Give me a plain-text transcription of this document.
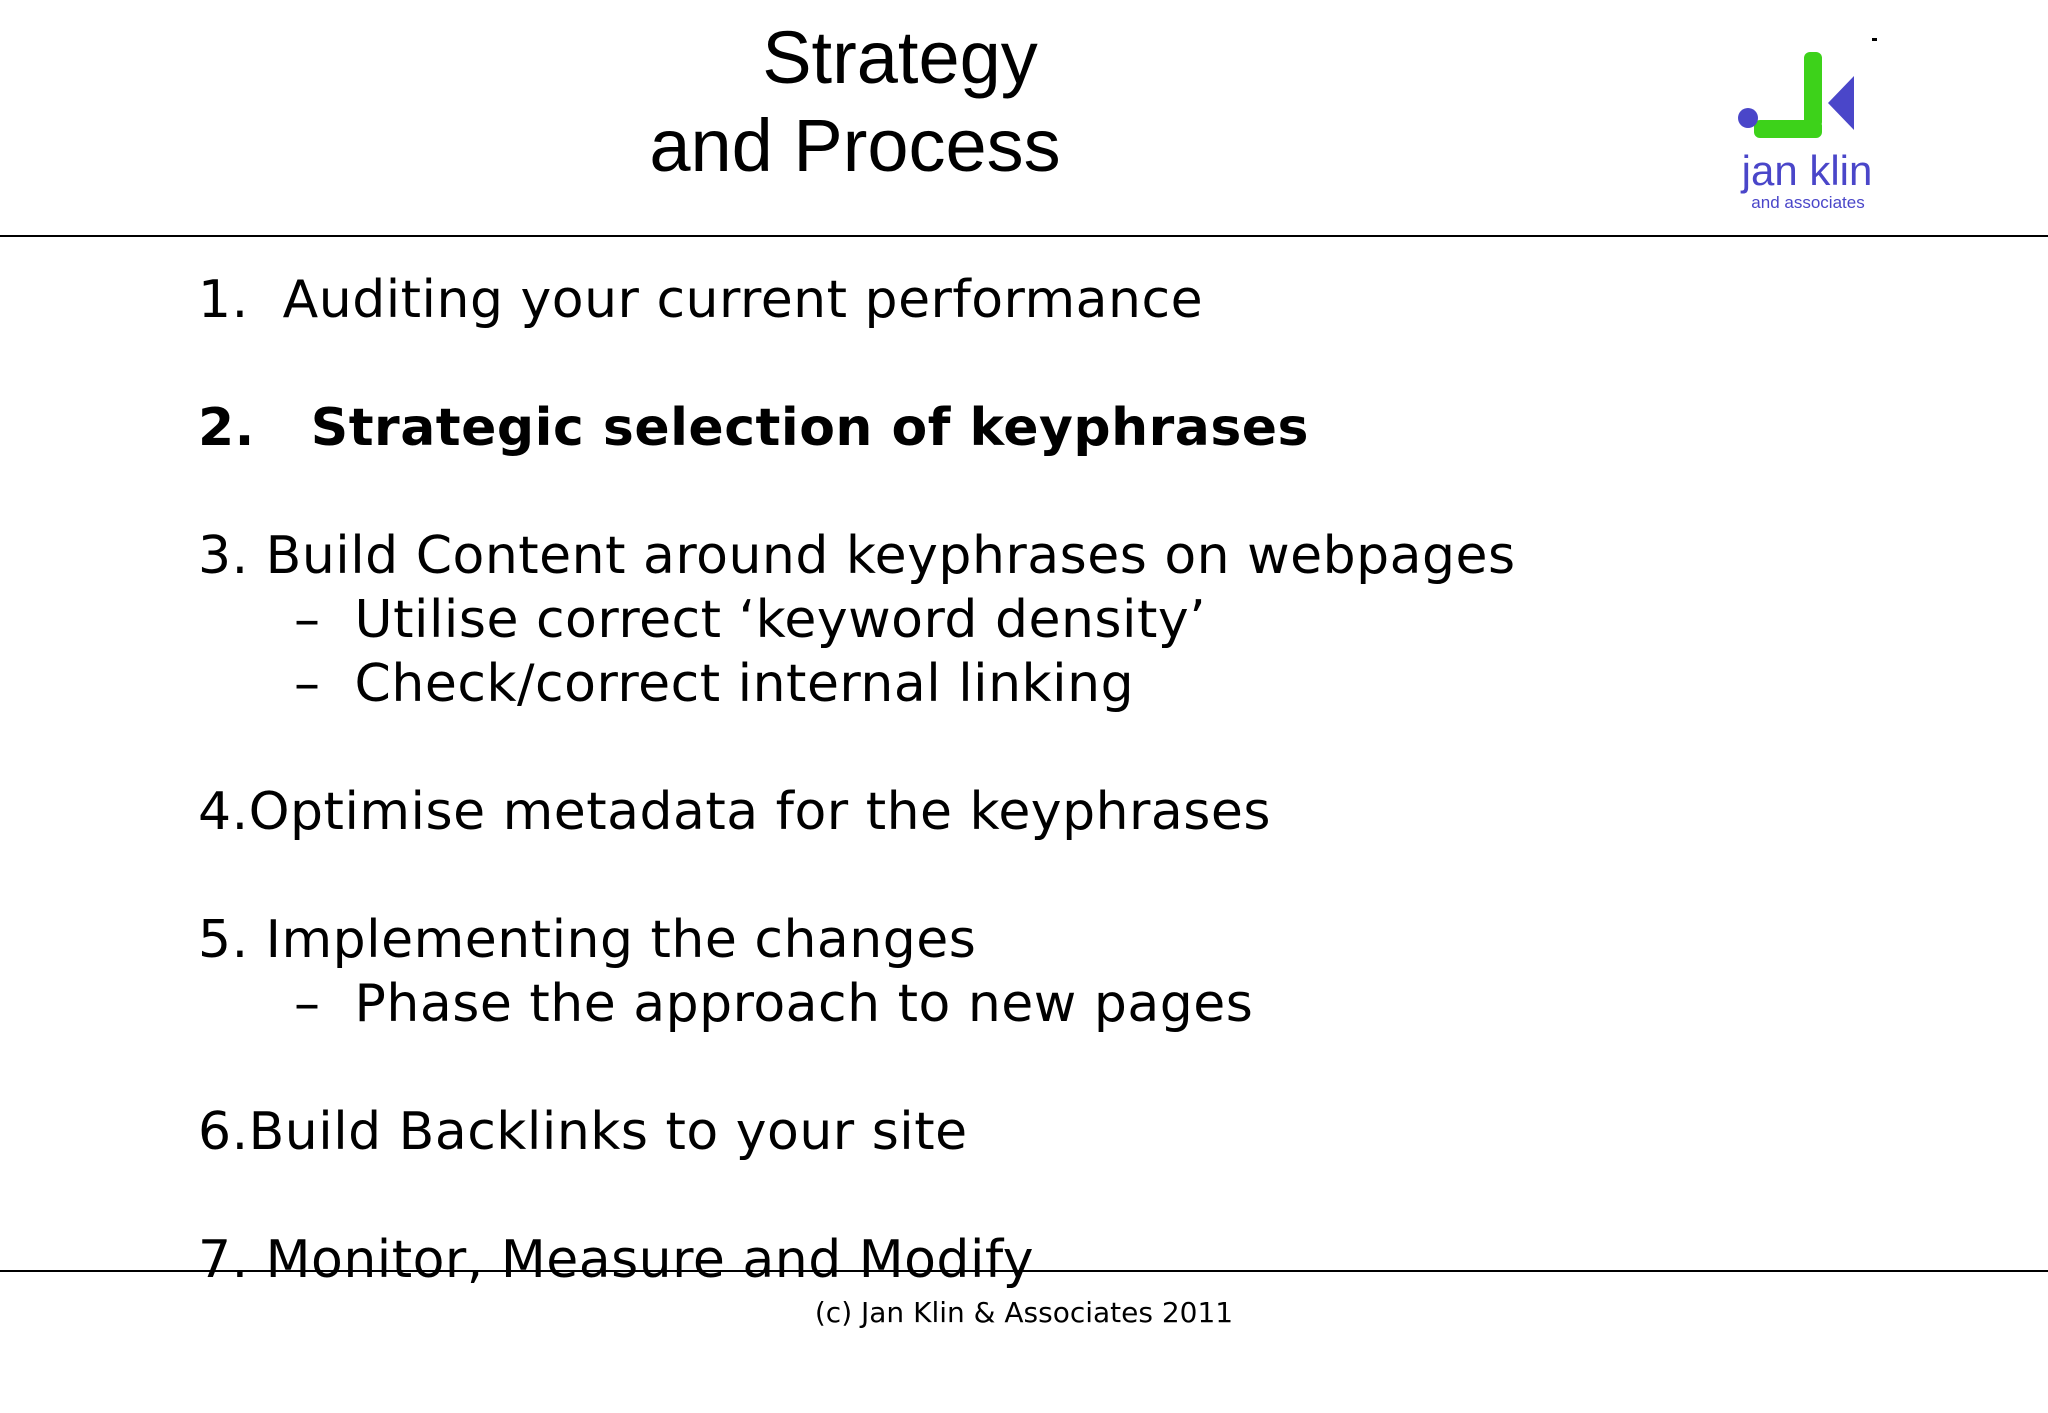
Strategy
and Process	jan klin
and associates
1.  Auditing your current performance
2.   Strategic selection of keyphrases
3. Build Content around keyphrases on webpages
–  Utilise correct ‘keyword density’
–  Check/correct internal linking
4.Optimise metadata for the keyphrases
5. Implementing the changes
–  Phase the approach to new pages
6.Build Backlinks to your site
7. Monitor, Measure and Modify
(c) Jan Klin & Associates 2011
